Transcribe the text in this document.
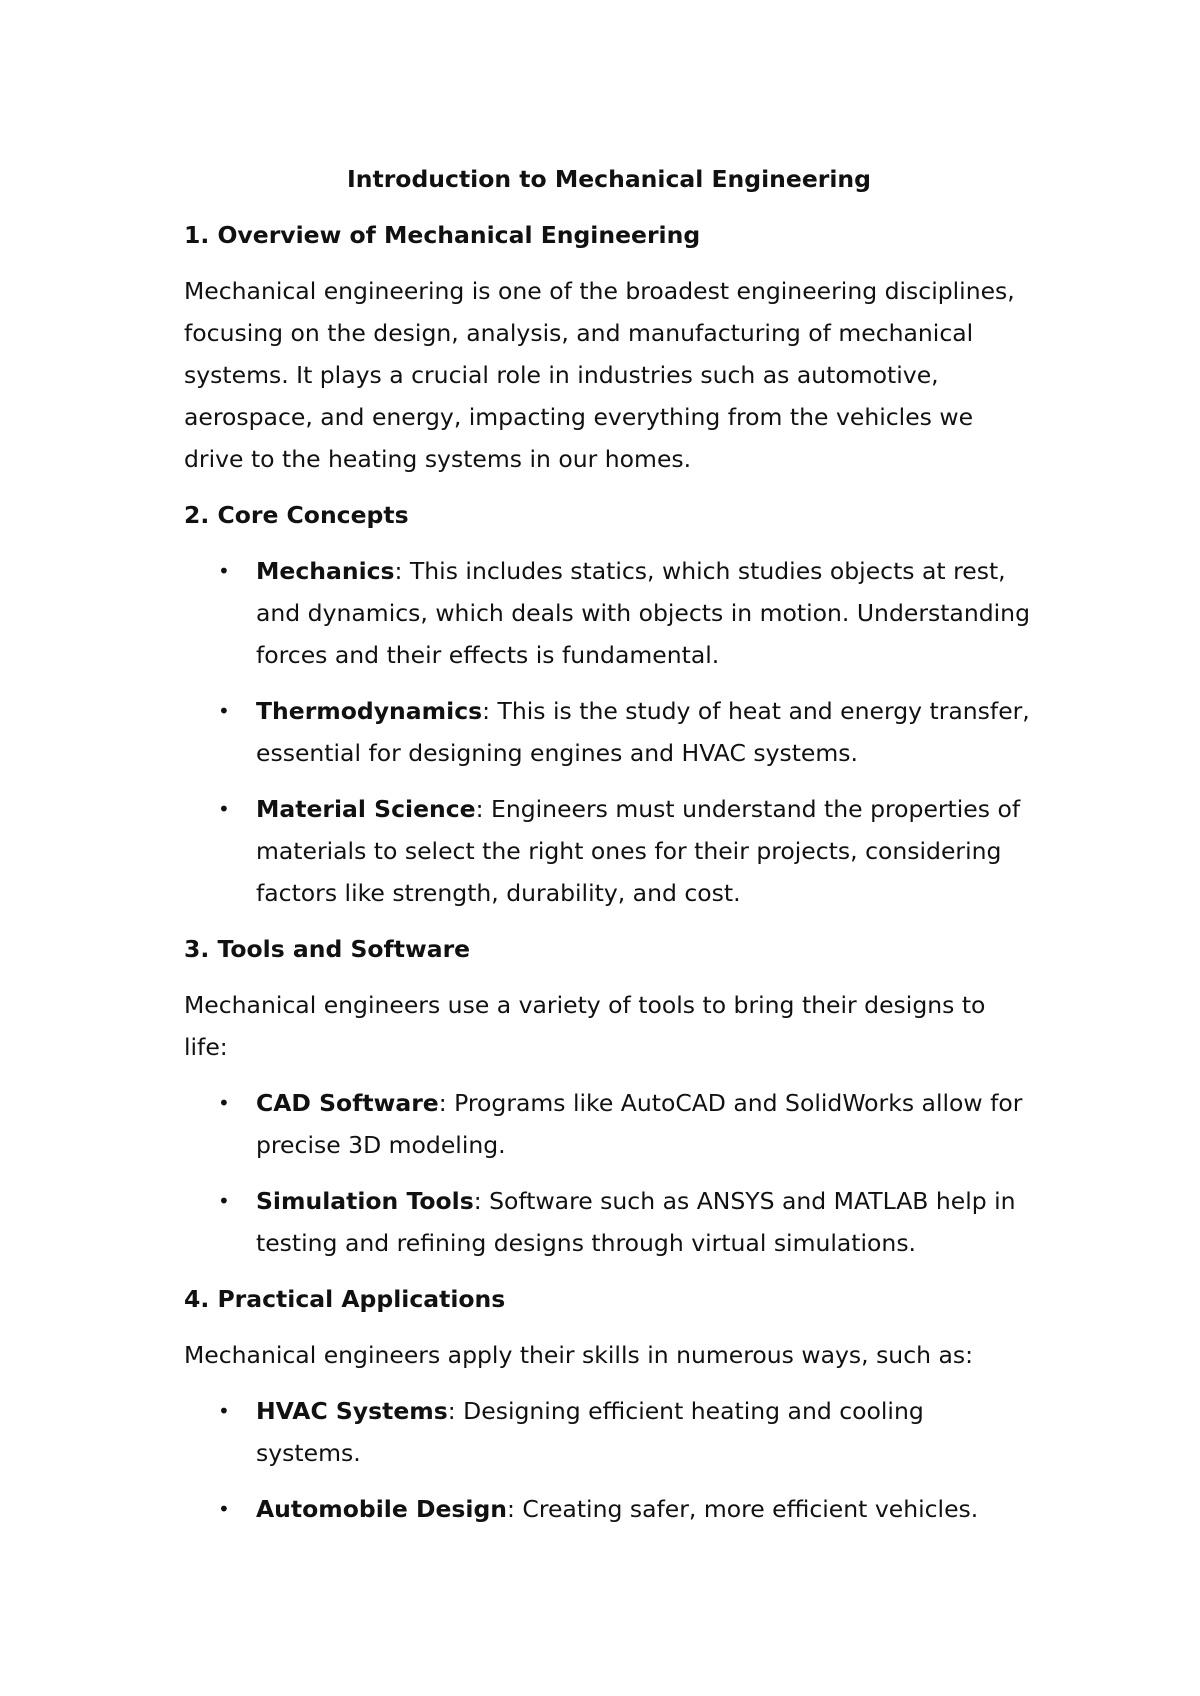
Introduction to Mechanical Engineering
1. Overview of Mechanical Engineering

Mechanical engineering is one of the broadest engineering disciplines, focusing on the design, analysis, and manufacturing of mechanical systems. It plays a crucial role in industries such as automotive, aerospace, and energy, impacting everything from the vehicles we drive to the heating systems in our homes.

2. Core Concepts
• Mechanics: This includes statics, which studies objects at rest, and dynamics, which deals with objects in motion. Understanding forces and their effects is fundamental.
• Thermodynamics: This is the study of heat and energy transfer, essential for designing engines and HVAC systems.
• Material Science: Engineers must understand the properties of materials to select the right ones for their projects, considering factors like strength, durability, and cost.
3. Tools and Software

Mechanical engineers use a variety of tools to bring their designs to life:

• CAD Software: Programs like AutoCAD and SolidWorks allow for precise 3D modeling.
• Simulation Tools: Software such as ANSYS and MATLAB help in testing and refining designs through virtual simulations.
4. Practical Applications

Mechanical engineers apply their skills in numerous ways, such as:

• HVAC Systems: Designing efficient heating and cooling systems.
• Automobile Design: Creating safer, more efficient vehicles.
